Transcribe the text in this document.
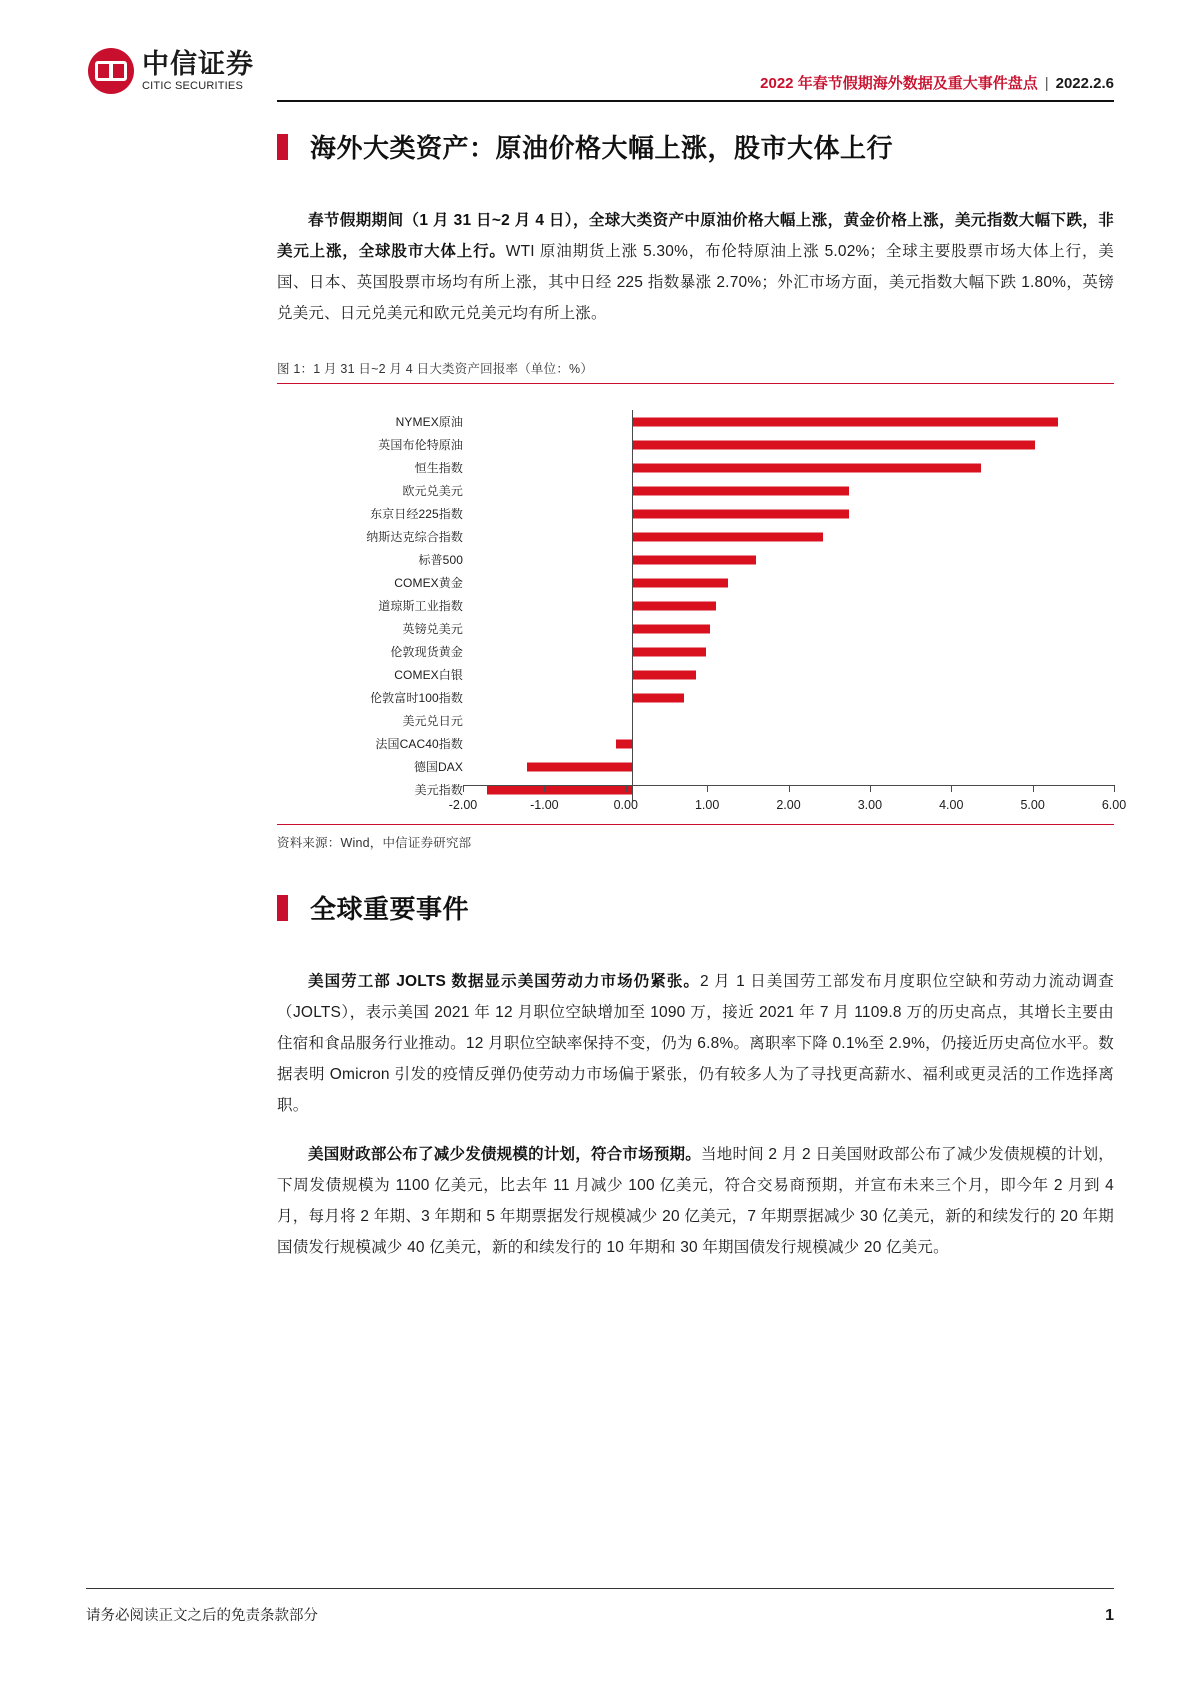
中信证券
CITIC SECURITIES	2022 年春节假期海外数据及重大事件盘点 | 2022.2.6
海外大类资产：原油价格大幅上涨，股市大体上行

春节假期期间（1 月 31 日~2 月 4 日），全球大类资产中原油价格大幅上涨，黄金价格上涨，美元指数大幅下跌，非美元上涨，全球股市大体上行。WTI 原油期货上涨 5.30%，布伦特原油上涨 5.02%；全球主要股票市场大体上行，美国、日本、英国股票市场均有所上涨，其中日经 225 指数暴涨 2.70%；外汇市场方面，美元指数大幅下跌 1.80%，英镑兑美元、日元兑美元和欧元兑美元均有所上涨。

图 1：1 月 31 日~2 月 4 日大类资产回报率（单位：%）
NYMEX原油
英国布伦特原油
恒生指数
欧元兑美元
东京日经225指数
纳斯达克综合指数
标普500
COMEX黄金
道琼斯工业指数
英镑兑美元
伦敦现货黄金
COMEX白银
伦敦富时100指数
美元兑日元
法国CAC40指数
德国DAX
美元指数
-2.00	-1.00	0.00	1.00	2.00	3.00	4.00	5.00	6.00
资料来源：Wind，中信证券研究部
全球重要事件

美国劳工部 JOLTS 数据显示美国劳动力市场仍紧张。2 月 1 日美国劳工部发布月度职位空缺和劳动力流动调查（JOLTS），表示美国 2021 年 12 月职位空缺增加至 1090 万，接近 2021 年 7 月 1109.8 万的历史高点，其增长主要由住宿和食品服务行业推动。12 月职位空缺率保持不变，仍为 6.8%。离职率下降 0.1%至 2.9%，仍接近历史高位水平。数据表明 Omicron 引发的疫情反弹仍使劳动力市场偏于紧张，仍有较多人为了寻找更高薪水、福利或更灵活的工作选择离职。

美国财政部公布了减少发债规模的计划，符合市场预期。当地时间 2 月 2 日美国财政部公布了减少发债规模的计划，下周发债规模为 1100 亿美元，比去年 11 月减少 100 亿美元，符合交易商预期，并宣布未来三个月，即今年 2 月到 4 月，每月将 2 年期、3 年期和 5 年期票据发行规模减少 20 亿美元，7 年期票据减少 30 亿美元，新的和续发行的 20 年期国债发行规模减少 40 亿美元，新的和续发行的 10 年期和 30 年期国债发行规模减少 20 亿美元。

请务必阅读正文之后的免责条款部分	1
